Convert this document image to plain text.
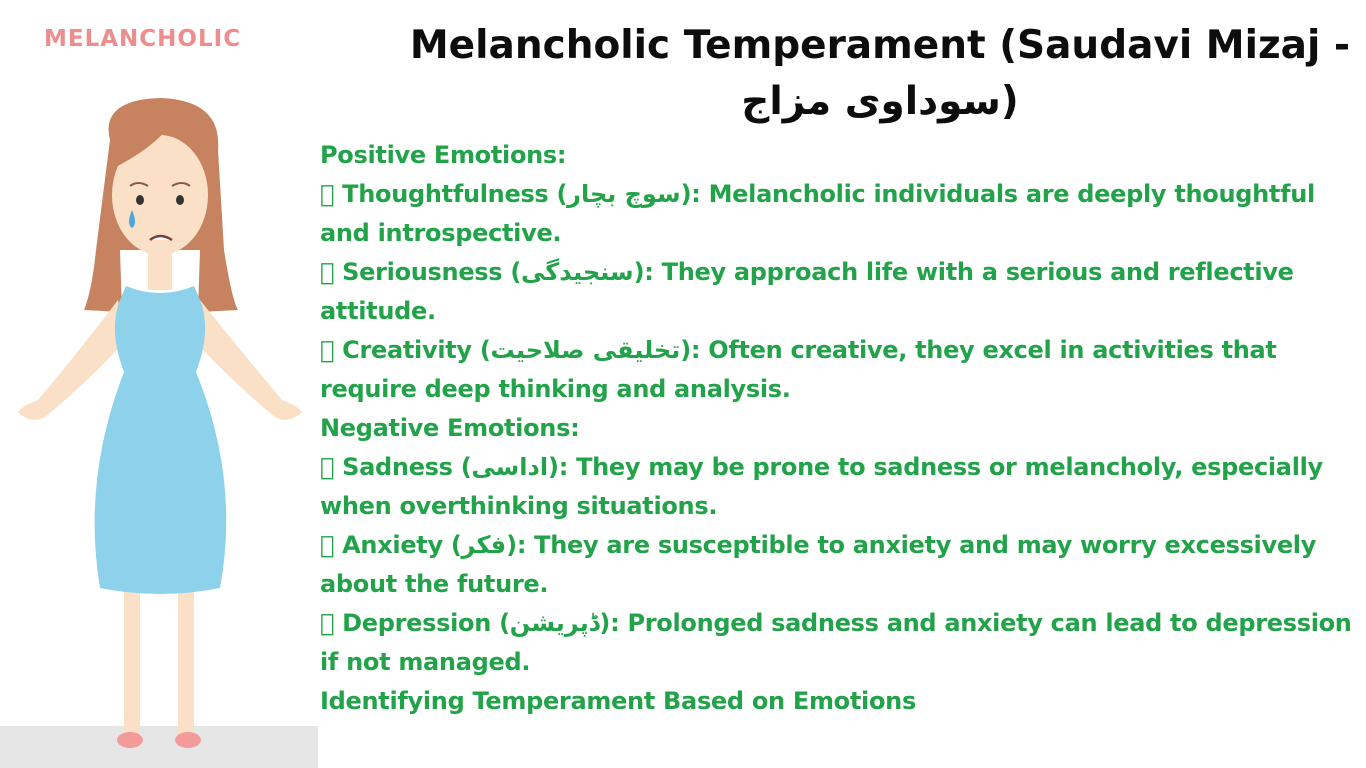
MELANCHOLIC	Melancholic Temperament (Saudavi Mizaj - سوداوی مزاج)

Positive Emotions:

Thoughtfulness (سوچ بچار): Melancholic individuals are deeply thoughtful and introspective.

Seriousness (سنجیدگی): They approach life with a serious and reflective attitude.

Creativity (تخلیقی صلاحیت): Often creative, they excel in activities that require deep thinking and analysis.

Negative Emotions:

Sadness (اداسی): They may be prone to sadness or melancholy, especially when overthinking situations.

Anxiety (فکر): They are susceptible to anxiety and may worry excessively about the future.

Depression (ڈپریشن): Prolonged sadness and anxiety can lead to depression if not managed.

Identifying Temperament Based on Emotions
